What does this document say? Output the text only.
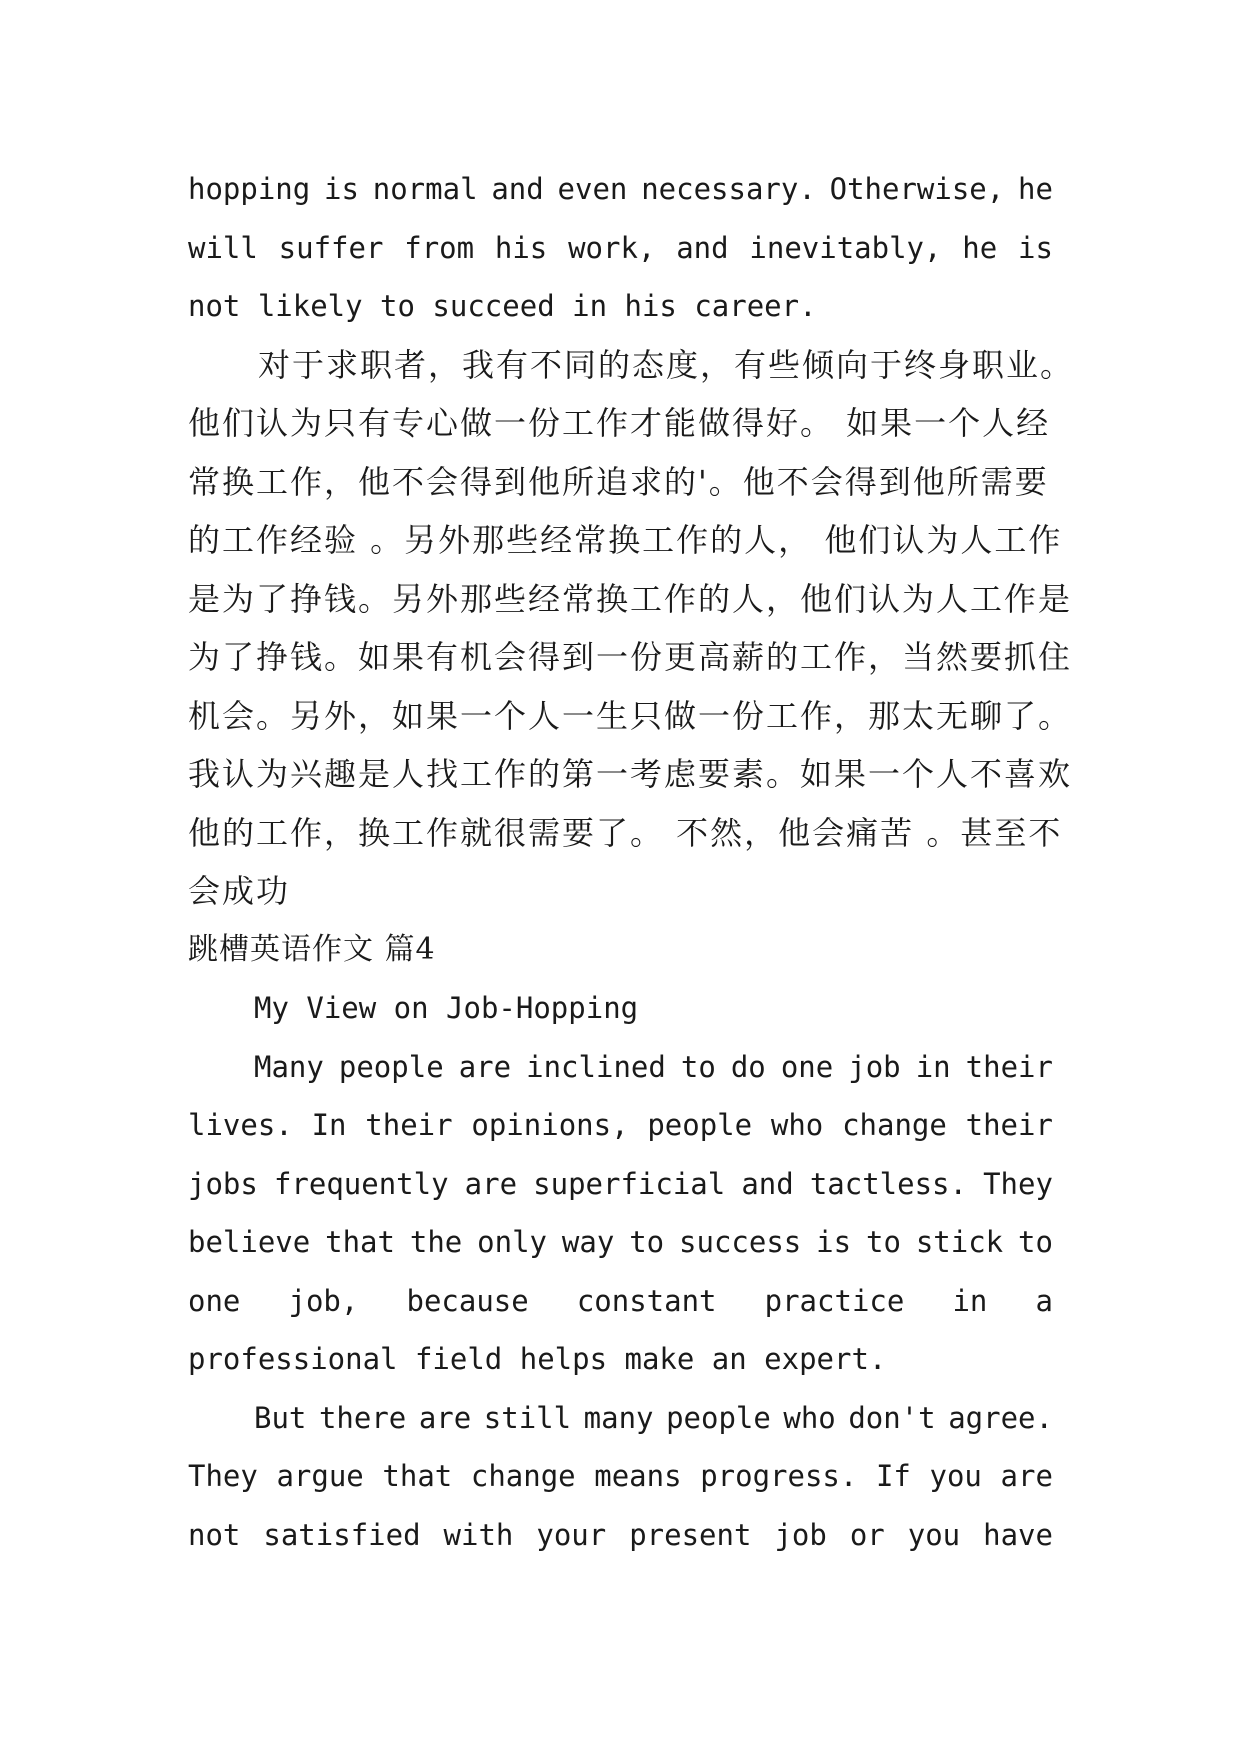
hopping is normal and even necessary. Otherwise, he
will suffer from his work, and inevitably, he is
not likely to succeed in his career.
对于求职者，我有不同的态度，有些倾向于终身职业。
他们认为只有专心做一份工作才能做得好。 如果一个人经
常换工作，他不会得到他所追求的'。他不会得到他所需要
的工作经验 。另外那些经常换工作的人， 他们认为人工作
是为了挣钱。另外那些经常换工作的人，他们认为人工作是
为了挣钱。如果有机会得到一份更高薪的工作，当然要抓住
机会。另外，如果一个人一生只做一份工作，那太无聊了。
我认为兴趣是人找工作的第一考虑要素。如果一个人不喜欢
他的工作，换工作就很需要了。 不然，他会痛苦 。甚至不
会成功
跳槽英语作文 篇4
My View on Job-Hopping
Many people are inclined to do one job in their
lives. In their opinions, people who change their
jobs frequently are superficial and tactless. They
believe that the only way to success is to stick to
one job, because constant practice in a
professional field helps make an expert.
But there are still many people who don't agree.
They argue that change means progress. If you are
not satisfied with your present job or you have
